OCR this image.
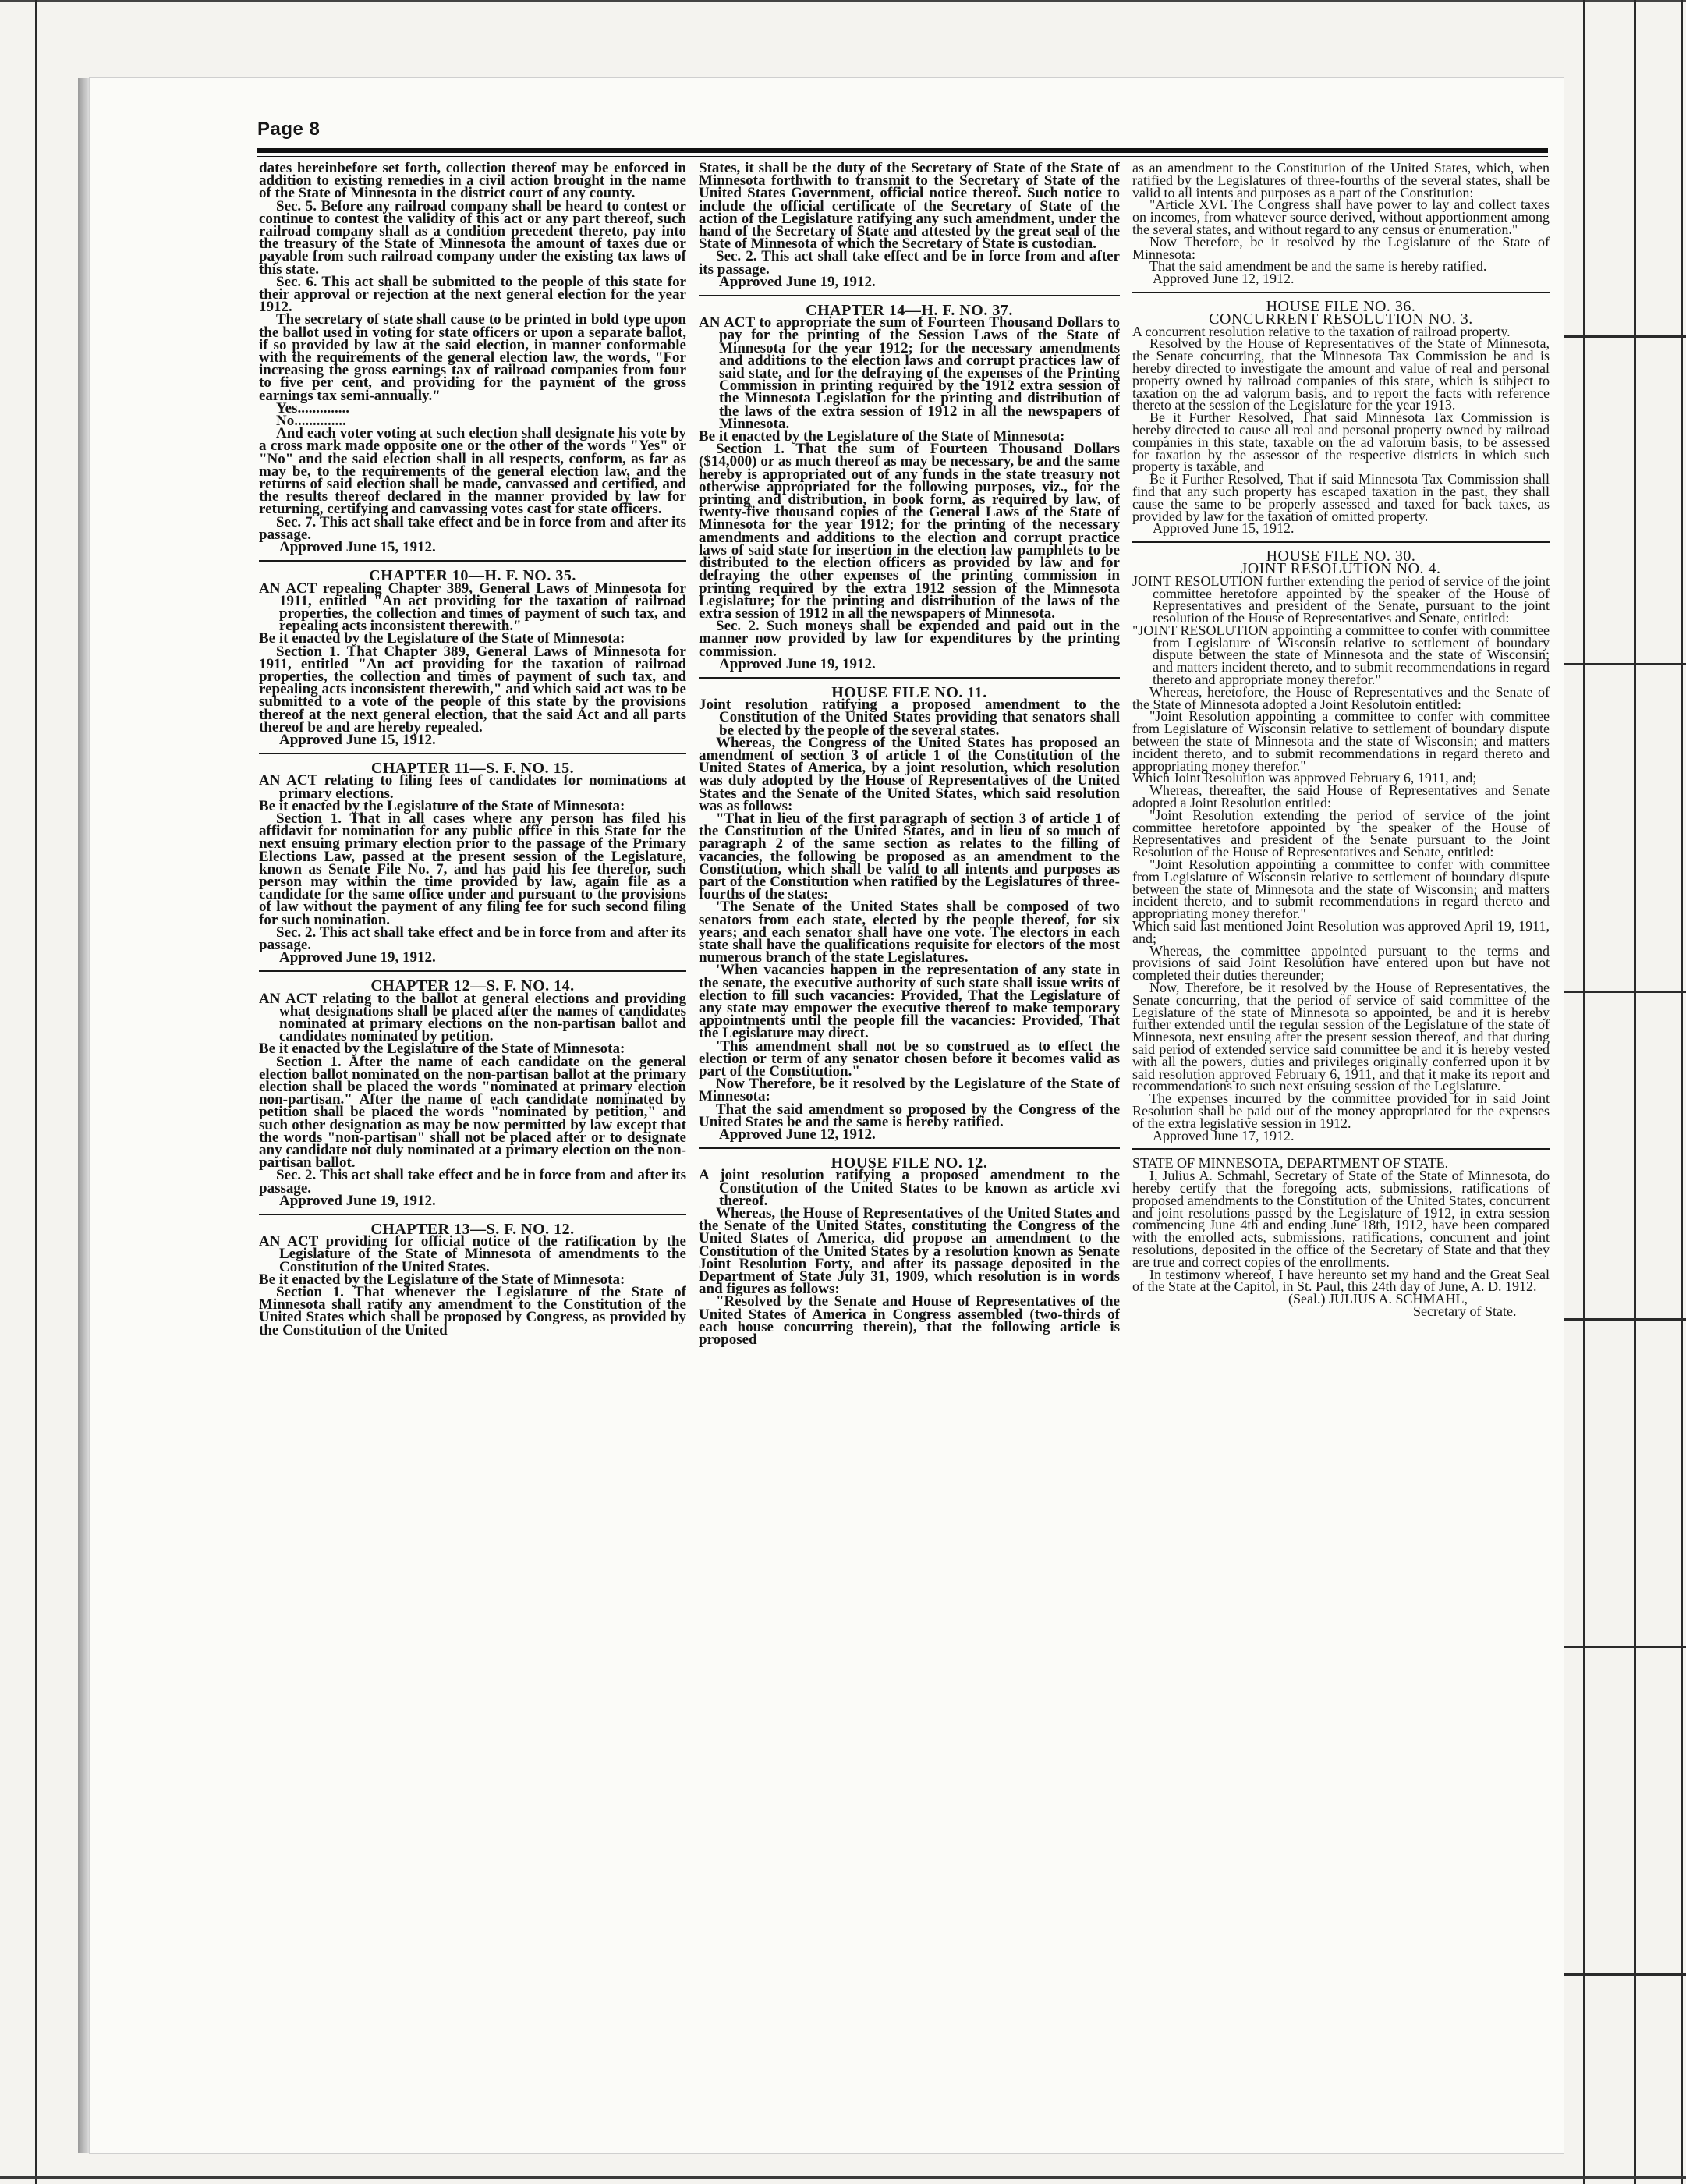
Page 8

dates hereinbefore set forth, collection thereof may be enforced in addition to existing remedies in a civil action brought in the name of the State of Minnesota in the district court of any county.

Sec. 5. Before any railroad company shall be heard to contest or continue to contest the validity of this act or any part thereof, such railroad company shall as a condition precedent thereto, pay into the treasury of the State of Minnesota the amount of taxes due or payable from such railroad company under the existing tax laws of this state.

Sec. 6. This act shall be submitted to the people of this state for their approval or rejection at the next general election for the year 1912.

The secretary of state shall cause to be printed in bold type upon the ballot used in voting for state officers or upon a separate ballot, if so provided by law at the said election, in manner conformable with the requirements of the general election law, the words, "For increasing the gross earnings tax of railroad companies from four to five per cent, and providing for the payment of the gross earnings tax semi-annually."

Yes..............

No..............

And each voter voting at such election shall designate his vote by a cross mark made opposite one or the other of the words "Yes" or "No" and the said election shall in all respects, conform, as far as may be, to the requirements of the general election law, and the returns of said election shall be made, canvassed and certified, and the results thereof declared in the manner provided by law for returning, certifying and canvassing votes cast for state officers.

Sec. 7. This act shall take effect and be in force from and after its passage.

Approved June 15, 1912.

CHAPTER 10—H. F. NO. 35.

AN ACT repealing Chapter 389, General Laws of Minnesota for 1911, entitled "An act providing for the taxation of railroad properties, the collection and times of payment of such tax, and repealing acts inconsistent therewith."

Be it enacted by the Legislature of the State of Minnesota:

Section 1. That Chapter 389, General Laws of Minnesota for 1911, entitled "An act providing for the taxation of railroad properties, the collection and times of payment of such tax, and repealing acts inconsistent therewith," and which said act was to be submitted to a vote of the people of this state by the provisions thereof at the next general election, that the said Act and all parts thereof be and are hereby repealed.

Approved June 15, 1912.

CHAPTER 11—S. F. NO. 15.

AN ACT relating to filing fees of candidates for nominations at primary elections.

Be it enacted by the Legislature of the State of Minnesota:

Section 1. That in all cases where any person has filed his affidavit for nomination for any public office in this State for the next ensuing primary election prior to the passage of the Primary Elections Law, passed at the present session of the Legislature, known as Senate File No. 7, and has paid his fee therefor, such person may within the time provided by law, again file as a candidate for the same office under and pursuant to the provisions of law without the payment of any filing fee for such second filing for such nomination.

Sec. 2. This act shall take effect and be in force from and after its passage.

Approved June 19, 1912.

CHAPTER 12—S. F. NO. 14.

AN ACT relating to the ballot at general elections and providing what designations shall be placed after the names of candidates nominated at primary elections on the non-partisan ballot and candidates nominated by petition.

Be it enacted by the Legislature of the State of Minnesota:

Section 1. After the name of each candidate on the general election ballot nominated on the non-partisan ballot at the primary election shall be placed the words "nominated at primary election non-partisan." After the name of each candidate nominated by petition shall be placed the words "nominated by petition," and such other designation as may be now permitted by law except that the words "non-partisan" shall not be placed after or to designate any candidate not duly nominated at a primary election on the non-partisan ballot.

Sec. 2. This act shall take effect and be in force from and after its passage.

Approved June 19, 1912.

CHAPTER 13—S. F. NO. 12.

AN ACT providing for official notice of the ratification by the Legislature of the State of Minnesota of amendments to the Constitution of the United States.

Be it enacted by the Legislature of the State of Minnesota:

Section 1. That whenever the Legislature of the State of Minnesota shall ratify any amendment to the Constitution of the United States which shall be proposed by Congress, as provided by the Constitution of the United

States, it shall be the duty of the Secretary of State of the State of Minnesota forthwith to transmit to the Secretary of State of the United States Government, official notice thereof. Such notice to include the official certificate of the Secretary of State of the action of the Legislature ratifying any such amendment, under the hand of the Secretary of State and attested by the great seal of the State of Minnesota of which the Secretary of State is custodian.

Sec. 2. This act shall take effect and be in force from and after its passage.

Approved June 19, 1912.

CHAPTER 14—H. F. NO. 37.

AN ACT to appropriate the sum of Fourteen Thousand Dollars to pay for the printing of the Session Laws of the State of Minnesota for the year 1912; for the necessary amendments and additions to the election laws and corrupt practices law of said state, and for the defraying of the expenses of the Printing Commission in printing required by the 1912 extra session of the Minnesota Legislation for the printing and distribution of the laws of the extra session of 1912 in all the newspapers of Minnesota.

Be it enacted by the Legislature of the State of Minnesota:

Section 1. That the sum of Fourteen Thousand Dollars ($14,000) or as much thereof as may be necessary, be and the same hereby is appropriated out of any funds in the state treasury not otherwise appropriated for the following purposes, viz., for the printing and distribution, in book form, as required by law, of twenty-five thousand copies of the General Laws of the State of Minnesota for the year 1912; for the printing of the necessary amendments and additions to the election and corrupt practice laws of said state for insertion in the election law pamphlets to be distributed to the election officers as provided by law and for defraying the other expenses of the printing commission in printing required by the extra 1912 session of the Minnesota Legislature; for the printing and distribution of the laws of the extra session of 1912 in all the newspapers of Minnesota.

Sec. 2. Such moneys shall be expended and paid out in the manner now provided by law for expenditures by the printing commission.

Approved June 19, 1912.

HOUSE FILE NO. 11.

Joint resolution ratifying a proposed amendment to the Constitution of the United States providing that senators shall be elected by the people of the several states.

Whereas, the Congress of the United States has proposed an amendment of section 3 of article 1 of the Constitution of the United States of America, by a joint resolution, which resolution was duly adopted by the House of Representatives of the United States and the Senate of the United States, which said resolution was as follows:

"That in lieu of the first paragraph of section 3 of article 1 of the Constitution of the United States, and in lieu of so much of paragraph 2 of the same section as relates to the filling of vacancies, the following be proposed as an amendment to the Constitution, which shall be valid to all intents and purposes as part of the Constitution when ratified by the Legislatures of three-fourths of the states:

'The Senate of the United States shall be composed of two senators from each state, elected by the people thereof, for six years; and each senator shall have one vote. The electors in each state shall have the qualifications requisite for electors of the most numerous branch of the state Legislatures.

'When vacancies happen in the representation of any state in the senate, the executive authority of such state shall issue writs of election to fill such vacancies: Provided, That the Legislature of any state may empower the executive thereof to make temporary appointments until the people fill the vacancies: Provided, That the Legislature may direct.

'This amendment shall not be so construed as to effect the election or term of any senator chosen before it becomes valid as part of the Constitution."

Now Therefore, be it resolved by the Legislature of the State of Minnesota:

That the said amendment so proposed by the Congress of the United States be and the same is hereby ratified.

Approved June 12, 1912.

HOUSE FILE NO. 12.

A joint resolution ratifying a proposed amendment to the Constitution of the United States to be known as article xvi thereof.

Whereas, the House of Representatives of the United States and the Senate of the United States, constituting the Congress of the United States of America, did propose an amendment to the Constitution of the United States by a resolution known as Senate Joint Resolution Forty, and after its passage deposited in the Department of State July 31, 1909, which resolution is in words and figures as follows:

"Resolved by the Senate and House of Representatives of the United States of America in Congress assembled (two-thirds of each house concurring therein), that the following article is proposed

as an amendment to the Constitution of the United States, which, when ratified by the Legislatures of three-fourths of the several states, shall be valid to all intents and purposes as a part of the Constitution:

"Article XVI. The Congress shall have power to lay and collect taxes on incomes, from whatever source derived, without apportionment among the several states, and without regard to any census or enumeration."

Now Therefore, be it resolved by the Legislature of the State of Minnesota:

That the said amendment be and the same is hereby ratified.

Approved June 12, 1912.

HOUSE FILE NO. 36.

CONCURRENT RESOLUTION NO. 3.

A concurrent resolution relative to the taxation of railroad property.

Resolved by the House of Representatives of the State of Minnesota, the Senate concurring, that the Minnesota Tax Commission be and is hereby directed to investigate the amount and value of real and personal property owned by railroad companies of this state, which is subject to taxation on the ad valorum basis, and to report the facts with reference thereto at the session of the Legislature for the year 1913.

Be it Further Resolved, That said Minnesota Tax Commission is hereby directed to cause all real and personal property owned by railroad companies in this state, taxable on the ad valorum basis, to be assessed for taxation by the assessor of the respective districts in which such property is taxable, and

Be it Further Resolved, That if said Minnesota Tax Commission shall find that any such property has escaped taxation in the past, they shall cause the same to be properly assessed and taxed for back taxes, as provided by law for the taxation of omitted property.

Approved June 15, 1912.

HOUSE FILE NO. 30.

JOINT RESOLUTION NO. 4.

JOINT RESOLUTION further extending the period of service of the joint committee heretofore appointed by the speaker of the House of Representatives and president of the Senate, pursuant to the joint resolution of the House of Representatives and Senate, entitled:

"JOINT RESOLUTION appointing a committee to confer with committee from Legislature of Wisconsin relative to settlement of boundary dispute between the state of Minnesota and the state of Wisconsin; and matters incident thereto, and to submit recommendations in regard thereto and appropriate money therefor."

Whereas, heretofore, the House of Representatives and the Senate of the State of Minnesota adopted a Joint Resolutoin entitled:

"Joint Resolution appointing a committee to confer with committee from Legislature of Wisconsin relative to settlement of boundary dispute between the state of Minnesota and the state of Wisconsin; and matters incident thereto, and to submit recommendations in regard thereto and appropriating money therefor."

Which Joint Resolution was approved February 6, 1911, and;

Whereas, thereafter, the said House of Representatives and Senate adopted a Joint Resolution entitled:

"Joint Resolution extending the period of service of the joint committee heretofore appointed by the speaker of the House of Representatives and president of the Senate pursuant to the Joint Resolution of the House of Representatives and Senate, entitled:

"Joint Resolution appointing a committee to confer with committee from Legislature of Wisconsin relative to settlement of boundary dispute between the state of Minnesota and the state of Wisconsin; and matters incident thereto, and to submit recommendations in regard thereto and appropriating money therefor."

Which said last mentioned Joint Resolution was approved April 19, 1911, and;

Whereas, the committee appointed pursuant to the terms and provisions of said Joint Resolution have entered upon but have not completed their duties thereunder;

Now, Therefore, be it resolved by the House of Representatives, the Senate concurring, that the period of service of said committee of the Legislature of the state of Minnesota so appointed, be and it is hereby further extended until the regular session of the Legislature of the state of Minnesota, next ensuing after the present session thereof, and that during said period of extended service said committee be and it is hereby vested with all the powers, duties and privileges originally conferred upon it by said resolution approved February 6, 1911, and that it make its report and recommendations to such next ensuing session of the Legislature.

The expenses incurred by the committee provided for in said Joint Resolution shall be paid out of the money appropriated for the expenses of the extra legislative session in 1912.

Approved June 17, 1912.

STATE OF MINNESOTA, DEPARTMENT OF STATE.

I, Julius A. Schmahl, Secretary of State of the State of Minnesota, do hereby certify that the foregoing acts, submissions, ratifications of proposed amendments to the Constitution of the United States, concurrent and joint resolutions passed by the Legislature of 1912, in extra session commencing June 4th and ending June 18th, 1912, have been compared with the enrolled acts, submissions, ratifications, concurrent and joint resolutions, deposited in the office of the Secretary of State and that they are true and correct copies of the enrollments.

In testimony whereof, I have hereunto set my hand and the Great Seal of the State at the Capitol, in St. Paul, this 24th day of June, A. D. 1912.

(Seal.) JULIUS A. SCHMAHL,

Secretary of State.
